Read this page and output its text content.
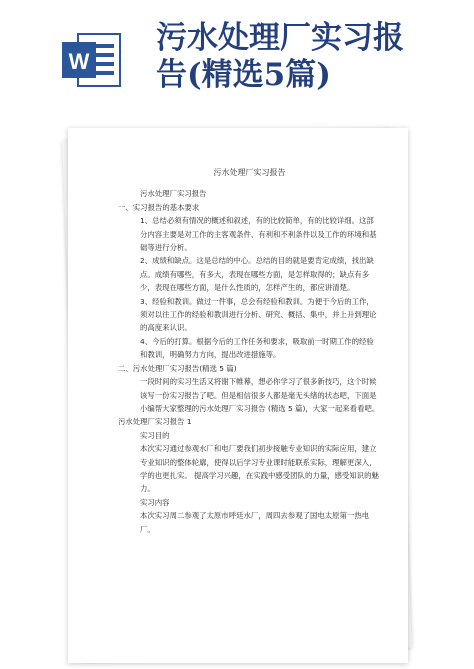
W
污水处理厂实习报
告(精选5篇)

污水处理厂实习报告

污水处理厂实习报告

一、实习报告的基本要求

1、总结必须有情况的概述和叙述，有的比较简单，有的比较详细。这部分内容主要是对工作的主客观条件、有利和不利条件以及工作的环境和基础等进行分析。

2、成绩和缺点。这是总结的中心。总结的目的就是要肯定成绩，找出缺点。成绩有哪些，有多大，表现在哪些方面，是怎样取得的；缺点有多少，表现在哪些方面，是什么性质的，怎样产生的，都应讲清楚。

3、经验和教训。做过一件事，总会有经验和教训。为便于今后的工作，须对以往工作的经验和教训进行分析、研究、概括、集中，并上升到理论的高度来认识。

4、今后的打算。根据今后的工作任务和要求，吸取前一时期工作的经验和教训，明确努力方向，提出改进措施等。

二、污水处理厂实习报告(精选 5 篇)

一段时间的实习生活又将谢下帷幕，想必你学习了很多新技巧，这个时候该写一份实习报告了吧。但是相信很多人都是毫无头绪的状态吧，下面是小编帮大家整理的污水处理厂实习报告 (精选 5 篇)，大家一起来看看吧。

污水处理厂实习报告 1

实习目的

本次实习通过参观水厂和电厂要我们初步接触专业知识的实际应用，建立专业知识的整体轮廓，使得以后学习专业课时能联系实际，理解更深入，学的也更扎实。 提高学习兴趣，在实践中感受团队的力量，感受知识的魅力。

实习内容

本次实习周二参观了太原市呼廷水厂，周四去参观了国电太原第一热电厂。
